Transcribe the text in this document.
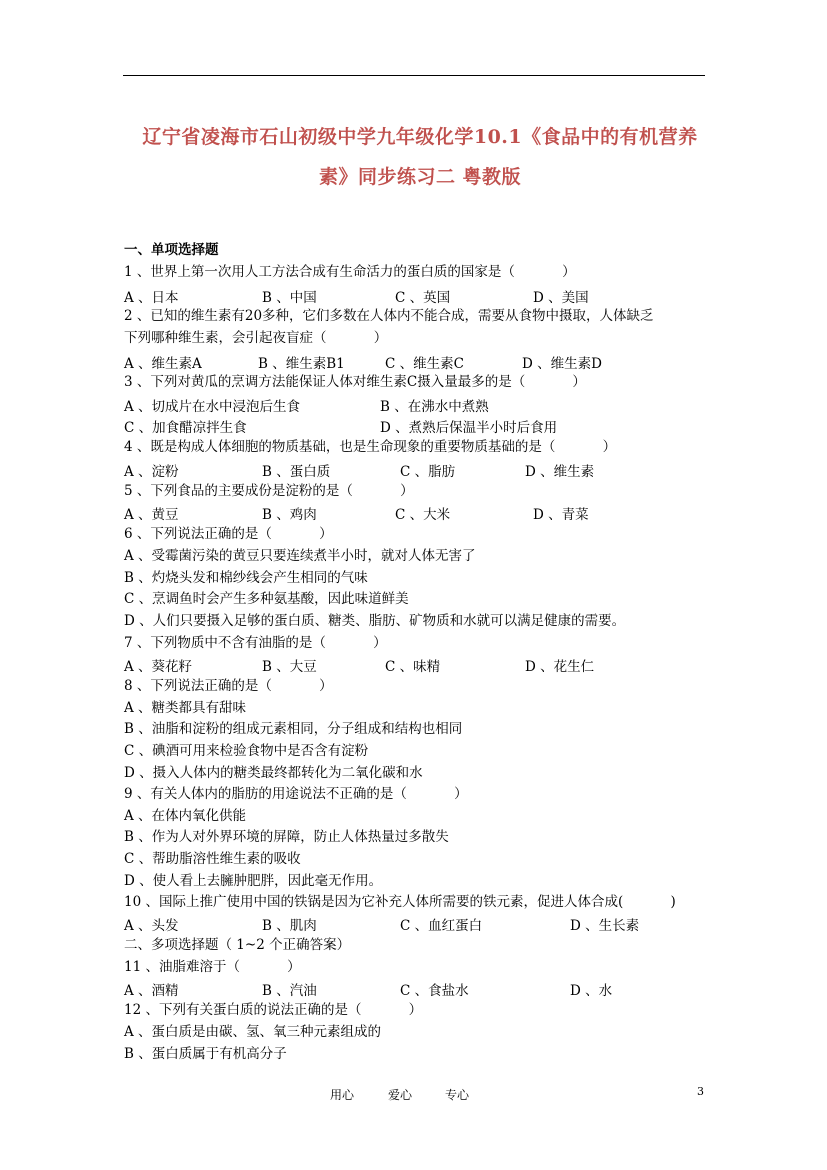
辽宁省凌海市石山初级中学九年级化学10.1《食品中的有机营养
素》同步练习二 粤教版
一、单项选择题
1 、世界上第一次用人工方法合成有生命活力的蛋白质的国家是（           ）
2 、已知的维生素有20多种，它们多数在人体内不能合成，需要从食物中摄取，人体缺乏
下列哪种维生素，会引起夜盲症（           ）
3 、下列对黄瓜的烹调方法能保证人体对维生素C摄入量最多的是（           ）
4 、既是构成人体细胞的物质基础，也是生命现象的重要物质基础的是（           ）
5 、下列食品的主要成份是淀粉的是（           ）
6 、下列说法正确的是（           ）
A 、受霉菌污染的黄豆只要连续煮半小时，就对人体无害了
B 、灼烧头发和棉纱线会产生相同的气味
C 、烹调鱼时会产生多种氨基酸，因此味道鲜美
D 、人们只要摄入足够的蛋白质、糖类、脂肪、矿物质和水就可以满足健康的需要。
7 、下列物质中不含有油脂的是（           ）
8 、下列说法正确的是（           ）
A 、糖类都具有甜味
B 、油脂和淀粉的组成元素相同，分子组成和结构也相同
C 、碘酒可用来检验食物中是否含有淀粉
D 、摄入人体内的糖类最终都转化为二氧化碳和水
9 、有关人体内的脂肪的用途说法不正确的是（           ）
A 、在体内氧化供能
B 、作为人对外界环境的屏障，防止人体热量过多散失
C 、帮助脂溶性维生素的吸收
D 、使人看上去臃肿肥胖，因此毫无作用。
10 、国际上推广使用中国的铁锅是因为它补充人体所需要的铁元素，促进人体合成(           )
二、多项选择题（ 1~2 个正确答案）
11 、油脂难溶于（           ）
12 、下列有关蛋白质的说法正确的是（           ）
A 、蛋白质是由碳、氢、氧三种元素组成的
B 、蛋白质属于有机高分子
A 、日本	B 、中国	C 、英国	D 、美国
A 、维生素A	B 、维生素B1	C 、维生素C	D 、维生素D
A 、切成片在水中浸泡后生食	B 、在沸水中煮熟
C 、加食醋凉拌生食	D 、煮熟后保温半小时后食用
A 、淀粉	B 、蛋白质	C 、脂肪	D 、维生素
A 、黄豆	B 、鸡肉	C 、大米	D 、青菜
A 、葵花籽	B 、大豆	C 、味精	D 、花生仁
A 、头发	B 、肌肉	C 、血红蛋白	D 、生长素
A 、酒精	B 、汽油	C 、食盐水	D 、水
用心	爱心	专心	3
